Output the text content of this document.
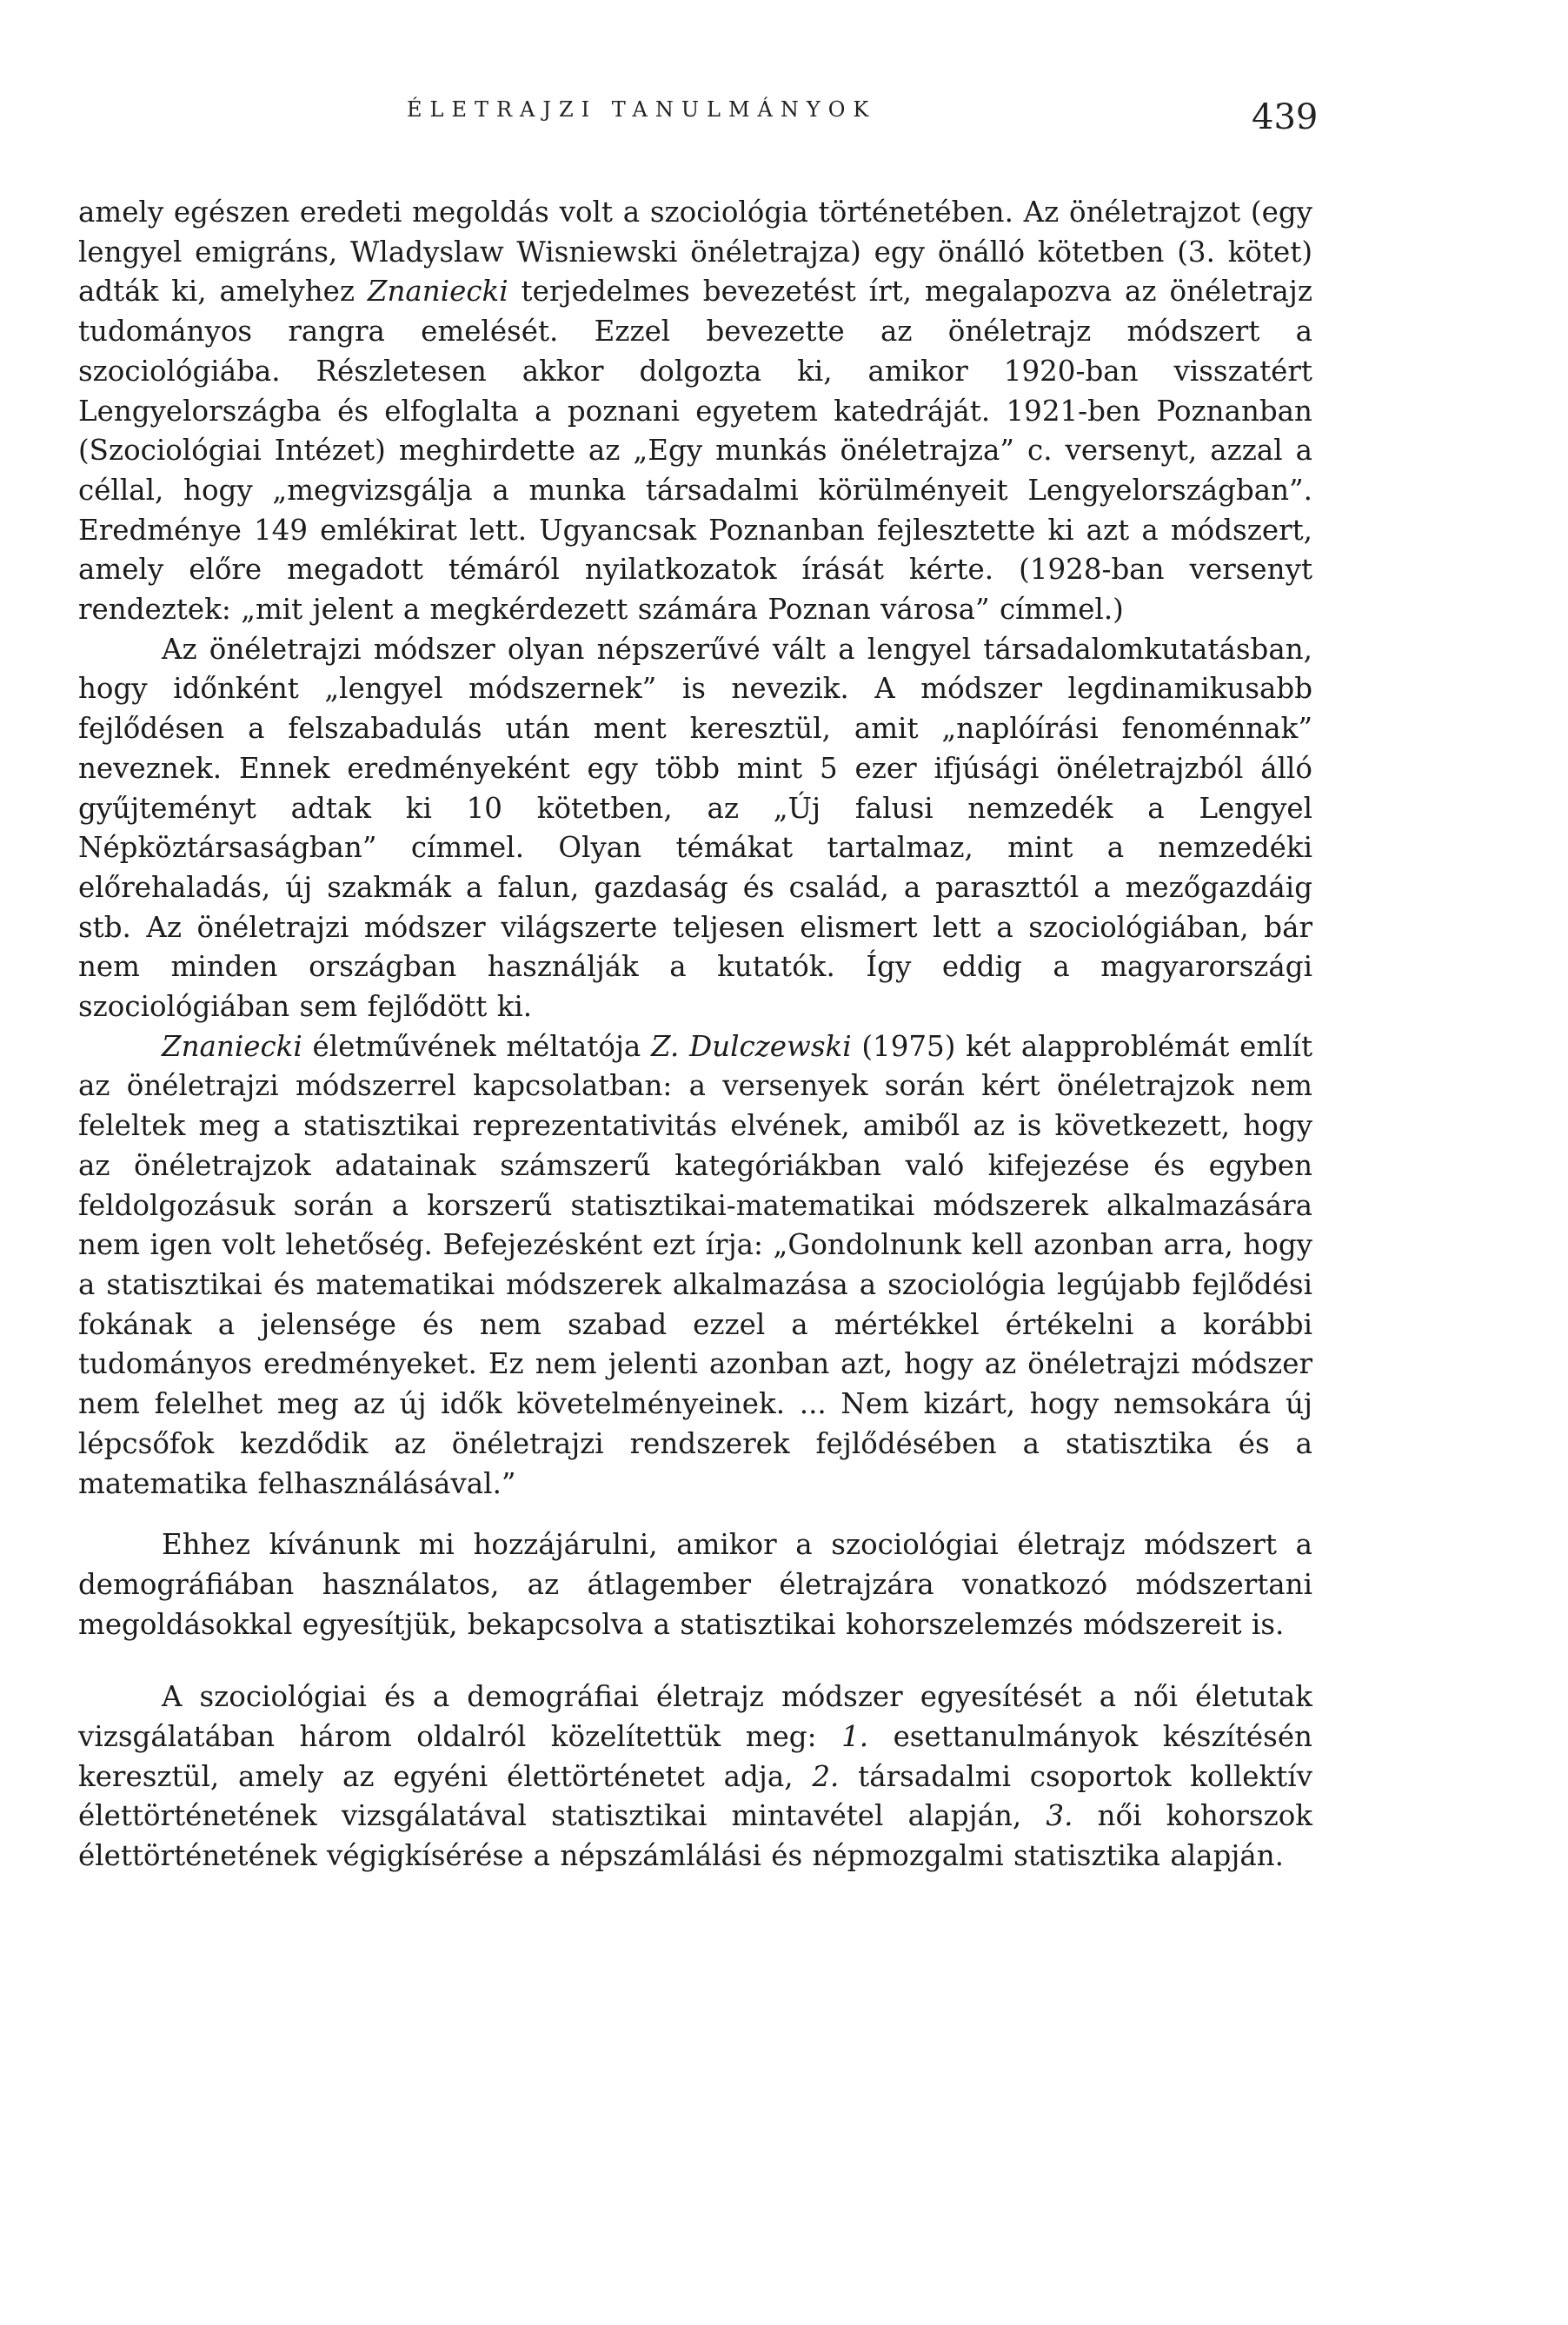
ÉLETRAJZI TANULMÁNYOK	439

amely egészen eredeti megoldás volt a szociológia történetében. Az önéletrajzot (egy lengyel emigráns, Wladyslaw Wisniewski önéletrajza) egy önálló kötetben (3. kötet) adták ki, amelyhez Znaniecki terjedelmes bevezetést írt, megalapozva az önéletrajz tudományos rangra emelését. Ezzel bevezette az önéletrajz módszert a szociológiába. Részletesen akkor dolgozta ki, amikor 1920-ban visszatért Lengyelországba és elfoglalta a poznani egyetem katedráját. 1921-ben Poznanban (Szociológiai Intézet) meghirdette az „Egy munkás önéletrajza” c. versenyt, azzal a céllal, hogy „megvizsgálja a munka társadalmi körülményeit Lengyelországban”. Eredménye 149 emlékirat lett. Ugyancsak Poznanban fejlesztette ki azt a módszert, amely előre megadott témáról nyilatkozatok írását kérte. (1928-ban versenyt rendeztek: „mit jelent a megkérdezett számára Poznan városa” címmel.)

Az önéletrajzi módszer olyan népszerűvé vált a lengyel társadalomkutatásban, hogy időnként „lengyel módszernek” is nevezik. A módszer legdinamikusabb fejlődésen a felszabadulás után ment keresztül, amit „naplóírási fenoménnak” neveznek. Ennek eredményeként egy több mint 5 ezer ifjúsági önéletrajzból álló gyűjteményt adtak ki 10 kötetben, az „Új falusi nemzedék a Lengyel Népköztársaságban” címmel. Olyan témákat tartalmaz, mint a nemzedéki előrehaladás, új szakmák a falun, gazdaság és család, a paraszttól a mezőgazdáig stb. Az önéletrajzi módszer világszerte teljesen elismert lett a szociológiában, bár nem minden országban használják a kutatók. Így eddig a magyarországi szociológiában sem fejlődött ki.

Znaniecki életművének méltatója Z. Dulczewski (1975) két alapproblémát említ az önéletrajzi módszerrel kapcsolatban: a versenyek során kért önéletrajzok nem feleltek meg a statisztikai reprezentativitás elvének, amiből az is következett, hogy az önéletrajzok adatainak számszerű kategóriákban való kifejezése és egyben feldolgozásuk során a korszerű statisztikai-matematikai módszerek alkalmazására nem igen volt lehetőség. Befejezésként ezt írja: „Gondolnunk kell azonban arra, hogy a statisztikai és matematikai módszerek alkalmazása a szociológia legújabb fejlődési fokának a jelensége és nem szabad ezzel a mértékkel értékelni a korábbi tudományos eredményeket. Ez nem jelenti azonban azt, hogy az önéletrajzi módszer nem felelhet meg az új idők követelményeinek. ... Nem kizárt, hogy nemsokára új lépcsőfok kezdődik az önéletrajzi rendszerek fejlődésében a statisztika és a matematika felhasználásával.”

Ehhez kívánunk mi hozzájárulni, amikor a szociológiai életrajz módszert a demográfiában használatos, az átlagember életrajzára vonatkozó módszertani megoldásokkal egyesítjük, bekapcsolva a statisztikai kohorszelemzés módszereit is.

A szociológiai és a demográfiai életrajz módszer egyesítését a női életutak vizsgálatában három oldalról közelítettük meg: 1. esettanulmányok készítésén keresztül, amely az egyéni élettörténetet adja, 2. társadalmi csoportok kollektív élettörténetének vizsgálatával statisztikai mintavétel alapján, 3. női kohorszok élettörténetének végigkísérése a népszámlálási és népmozgalmi statisztika alapján.
